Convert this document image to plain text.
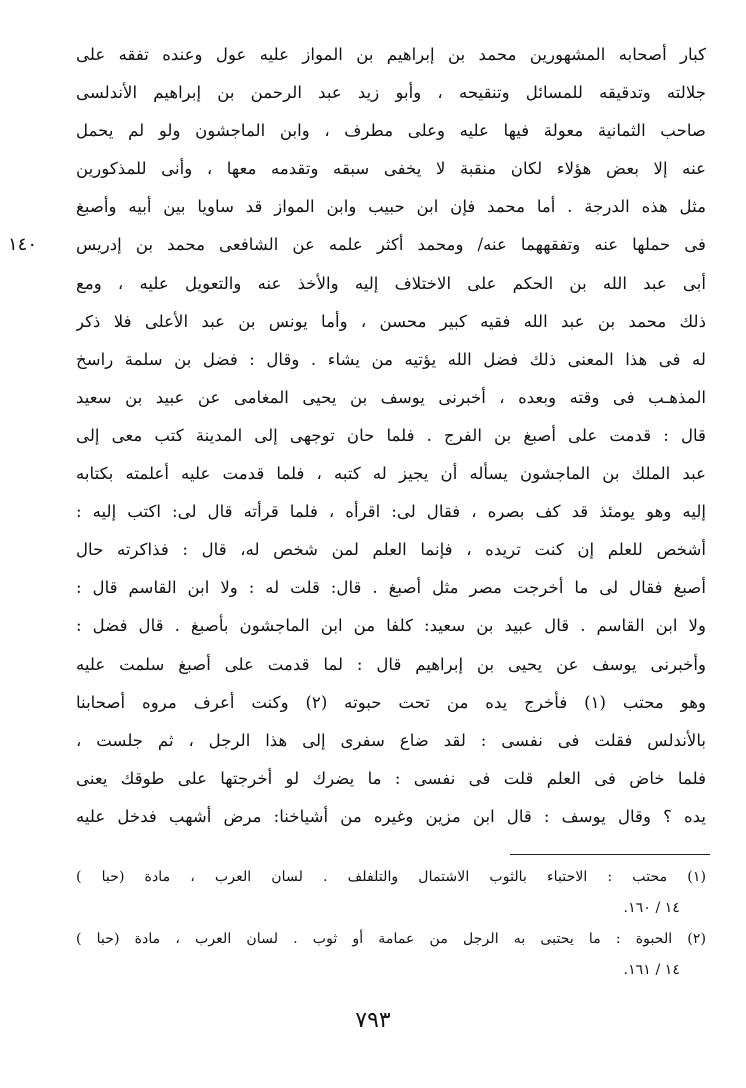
كبار أصحابه المشهورين محمد بن إبراهيم بن المواز عليه عول وعنده تفقه على
جلالته وتدقيقه للمسائل وتنقيحه ، وأبو زيد عبد الرحمن بن إبراهيم الأندلسى
صاحب الثمانية معولة فيها عليه وعلى مطرف ، وابن الماجشون ولو لم يحمل
عنه إلا بعض هؤلاء لكان منقبة لا يخفى سبقه وتقدمه معها ، وأنى للمذكورين
مثل هذه الدرجة . أما محمد فإن ابن حبيب وابن المواز قد ساويا بين أبيه وأصبغ
فى حملها عنه وتفقههما عنه/ ومحمد أكثر علمه عن الشافعى محمد بن إدريس
أبى عبد الله بن الحكم على الاختلاف إليه والأخذ عنه والتعويل عليه ، ومع
ذلك محمد بن عبد الله فقيه كبير محسن ، وأما يونس بن عبد الأعلى فلا ذكر
له فى هذا المعنى ذلك فضل الله يؤتيه من يشاء . وقال : فضل بن سلمة راسخ
المذهـب فى وقته وبعده ، أخبرنى يوسف بن يحيى المغامى عن عبيد بن سعيد
قال : قدمت على أصبغ بن الفرج . فلما حان توجهى إلى المدينة كتب معى إلى
عبد الملك بن الماجشون يسأله أن يجيز له كتبه ، فلما قدمت عليه أعلمته بكتابه
إليه وهو يومئذ قد كف بصره ، فقال لى: اقرأه ، فلما قرأته قال لى: اكتب إليه :
أشخص للعلم إن كنت تريده ، فإنما العلم لمن شخص له، قال : فذاكرته حال
أصبغ فقال لى ما أخرجت مصر مثل أصبغ . قال: قلت له : ولا ابن القاسم قال :
ولا ابن القاسم . قال عبيد بن سعيد: كلفا من ابن الماجشون بأصبغ . قال فضل :
وأخبرنى يوسف عن يحيى بن إبراهيم قال : لما قدمت على أصبغ سلمت عليه
وهو محتب (١) فأخرج يده من تحت حبوته (٢) وكنت أعرف مروه أصحابنا
بالأندلس فقلت فى نفسى : لقد ضاع سفرى إلى هذا الرجل ، ثم جلست ،
فلما خاض فى العلم قلت فى نفسى : ما يضرك لو أخرجتها على طوقك يعنى
يده ؟ وقال يوسف : قال ابن مزين وغيره من أشياخنا: مرض أشهب فدخل عليه
١٤٠
(١) محتب : الاحتباء بالثوب الاشتمال والتلفلف . لسان العرب ، مادة (حبا )
١٤ / ١٦٠.
(٢) الحبوة : ما يحتبى به الرجل من عمامة أو ثوب . لسان العرب ، مادة (حبا )
١٤ / ١٦١.
٧٩٣
